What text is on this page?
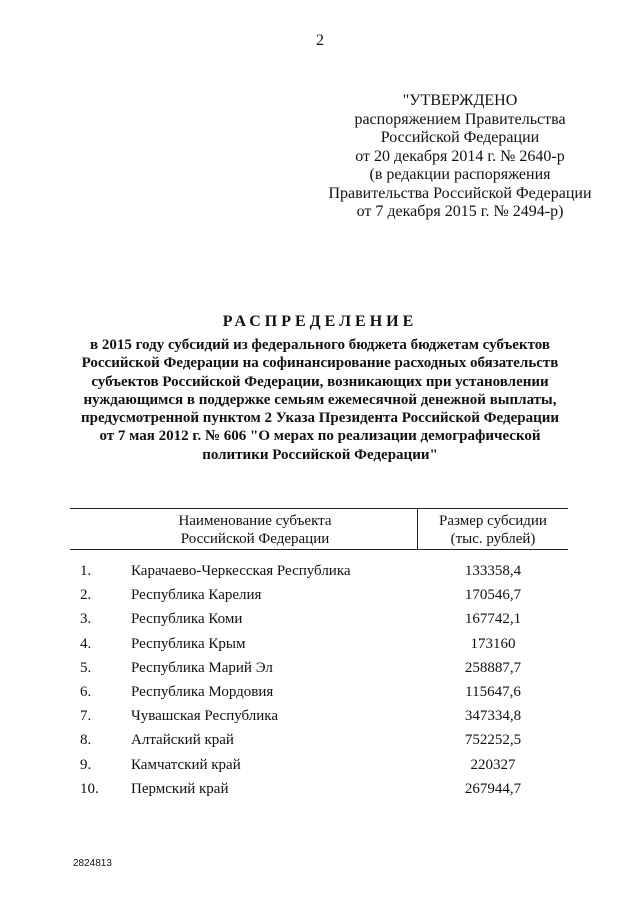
2
"УТВЕРЖДЕНО
распоряжением Правительства
Российской Федерации
от 20 декабря 2014 г. № 2640-р
(в редакции распоряжения
Правительства Российской Федерации
от 7 декабря 2015 г. № 2494-р)
РАСПРЕДЕЛЕНИЕ
в 2015 году субсидий из федерального бюджета бюджетам субъектов
Российской Федерации на софинансирование расходных обязательств
субъектов Российской Федерации, возникающих при установлении
нуждающимся в поддержке семьям ежемесячной денежной выплаты,
предусмотренной пунктом 2 Указа Президента Российской Федерации
от 7 мая 2012 г. № 606 "О мерах по реализации демографической
политики Российской Федерации"
Наименование субъекта
Российской Федерации
Размер субсидии
(тыс. рублей)
1.	Карачаево-Черкесская Республика	133358,4
2.	Республика Карелия	170546,7
3.	Республика Коми	167742,1
4.	Республика Крым	173160
5.	Республика Марий Эл	258887,7
6.	Республика Мордовия	115647,6
7.	Чувашская Республика	347334,8
8.	Алтайский край	752252,5
9.	Камчатский край	220327
10.	Пермский край	267944,7
2824813
